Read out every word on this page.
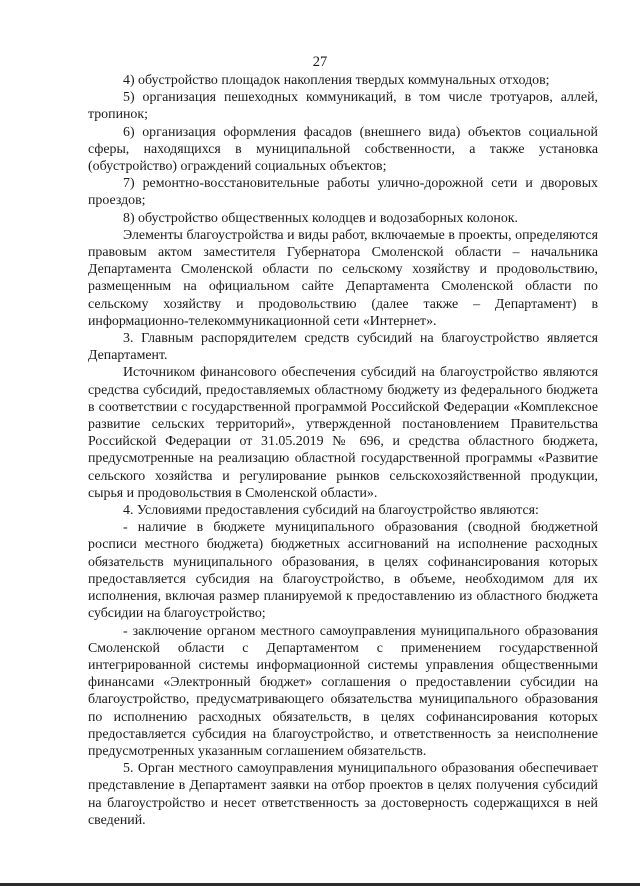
27

4) обустройство площадок накопления твердых коммунальных отходов;

5) организация пешеходных коммуникаций, в том числе тротуаров, аллей, тропинок;

6) организация оформления фасадов (внешнего вида) объектов социальной сферы, находящихся в муниципальной собственности, а также установка (обустройство) ограждений социальных объектов;

7) ремонтно-восстановительные работы улично-дорожной сети и дворовых проездов;

8) обустройство общественных колодцев и водозаборных колонок.

Элементы благоустройства и виды работ, включаемые в проекты, определяются правовым актом заместителя Губернатора Смоленской области – начальника Департамента Смоленской области по сельскому хозяйству и продовольствию, размещенным на официальном сайте Департамента Смоленской области по сельскому хозяйству и продовольствию (далее также – Департамент) в информационно-телекоммуникационной сети «Интернет».

3. Главным распорядителем средств субсидий на благоустройство является Департамент.

Источником финансового обеспечения субсидий на благоустройство являются средства субсидий, предоставляемых областному бюджету из федерального бюджета в соответствии с государственной программой Российской Федерации «Комплексное развитие сельских территорий», утвержденной постановлением Правительства Российской Федерации от 31.05.2019 № 696, и средства областного бюджета, предусмотренные на реализацию областной государственной программы «Развитие сельского хозяйства и регулирование рынков сельскохозяйственной продукции, сырья и продовольствия в Смоленской области».

4. Условиями предоставления субсидий на благоустройство являются:

- наличие в бюджете муниципального образования (сводной бюджетной росписи местного бюджета) бюджетных ассигнований на исполнение расходных обязательств муниципального образования, в целях софинансирования которых предоставляется субсидия на благоустройство, в объеме, необходимом для их исполнения, включая размер планируемой к предоставлению из областного бюджета субсидии на благоустройство;

- заключение органом местного самоуправления муниципального образования Смоленской области с Департаментом с применением государственной интегрированной системы информационной системы управления общественными финансами «Электронный бюджет» соглашения о предоставлении субсидии на благоустройство, предусматривающего обязательства муниципального образования по исполнению расходных обязательств, в целях софинансирования которых предоставляется субсидия на благоустройство, и ответственность за неисполнение предусмотренных указанным соглашением обязательств.

5. Орган местного самоуправления муниципального образования обеспечивает представление в Департамент заявки на отбор проектов в целях получения субсидий на благоустройство и несет ответственность за достоверность содержащихся в ней сведений.
